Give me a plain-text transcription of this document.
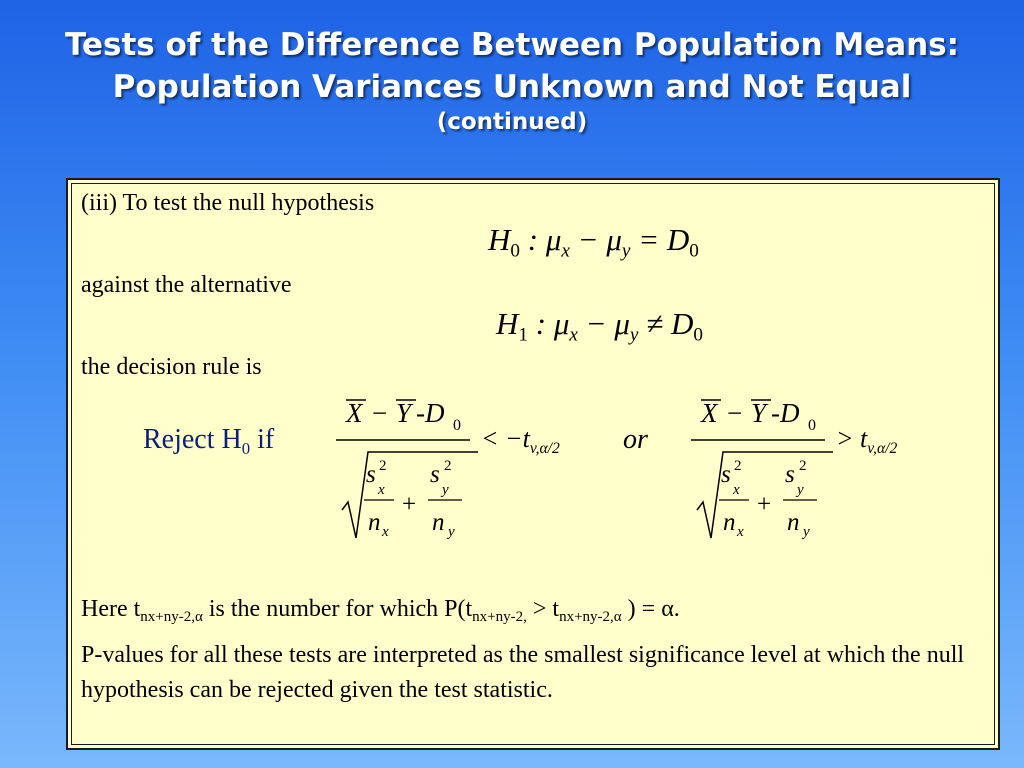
Tests of the Difference Between Population Means:
Population Variances Unknown and Not Equal
(continued)
(iii) To test the null hypothesis
$H_0$ : $\mu_x - \mu_y = D_0$
against the alternative
$H_1$ : $\mu_x - \mu_y \ne D_0$
the decision rule is
Reject $H_0$ if
X − Y -D 0
s 2
x
n x
+
s 2
y
n y
< $-t_{v,\alpha/2}$ or
X − Y -D 0
s 2
x
n x
+
s 2
y
n y
> $t_{v,\alpha/2}$
Here $t_{nx+ny-2,\alpha}$ is the number for which $P(t_{nx+ny-2,} > t_{nx+ny-2,\alpha}$ ) = α.
P-values for all these tests are interpreted as the smallest significance level at which the null hypothesis can be rejected given the test statistic.
